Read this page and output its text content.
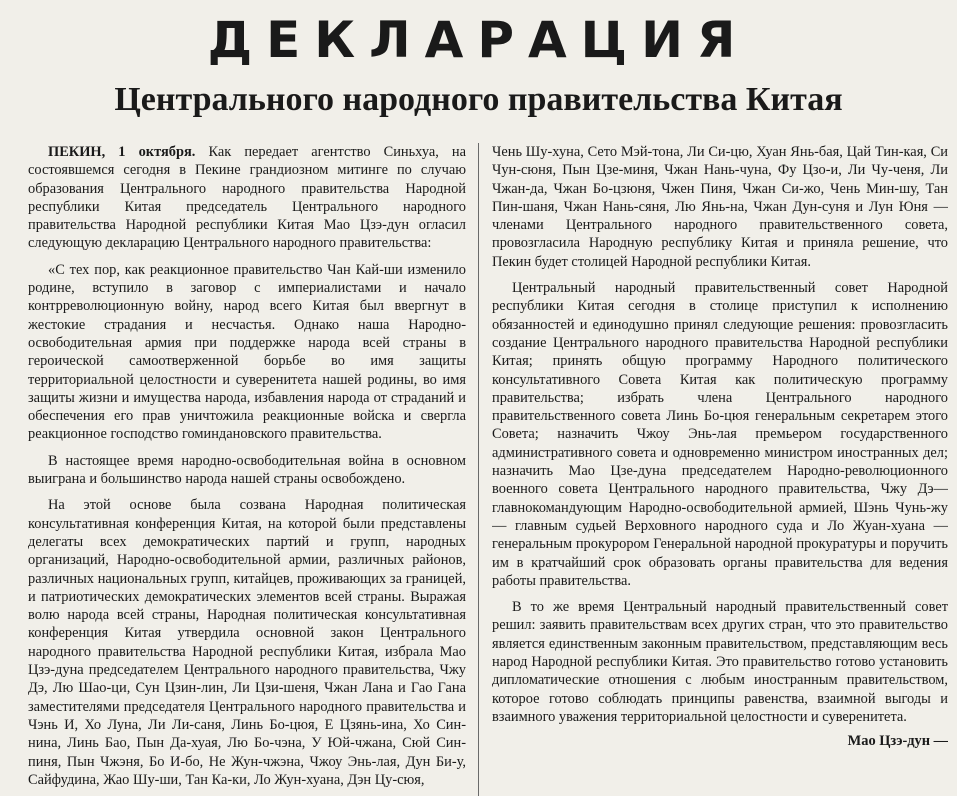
ДЕКЛАРАЦИЯ
Центрального народного правительства Китая

ПЕКИН, 1 октября. Как передает агентство Синьхуа, на состоявшемся сегодня в Пекине грандиозном митинге по случаю образования Центрального народного правительства Народной республики Китая председатель Центрального народного правительства Народной республики Китая Мао Цзэ-дун огласил следующую декларацию Центрального народного правительства:

«С тех пор, как реакционное правительство Чан Кай-ши изменило родине, вступило в заговор с империалистами и начало контрреволюционную войну, народ всего Китая был ввергнут в жестокие страдания и несчастья. Однако наша Народно-освободительная армия при поддержке народа всей страны в героической самоотверженной борьбе во имя защиты территориальной целостности и суверенитета нашей родины, во имя защиты жизни и имущества народа, избавления народа от страданий и обеспечения его прав уничтожила реакционные войска и свергла реакционное господство гоминдановского правительства.

В настоящее время народно-освободительная война в основном выиграна и большинство народа нашей страны освобождено.

На этой основе была созвана Народная политическая консультативная конференция Китая, на которой были представлены делегаты всех демократических партий и групп, народных организаций, Народно-освободительной армии, различных районов, различных национальных групп, китайцев, проживающих за границей, и патриотических демократических элементов всей страны. Выражая волю народа всей страны, Народная политическая консультативная конференция Китая утвердила основной закон Центрального народного правительства Народной республики Китая, избрала Мао Цзэ-дуна председателем Центрального народного правительства, Чжу Дэ, Лю Шао-ци, Сун Цзин-лин, Ли Цзи-шеня, Чжан Лана и Гао Гана заместителями председателя Центрального народного правительства и Чэнь И, Хо Луна, Ли Ли-саня, Линь Бо-цюя, Е Цзянь-ина, Хо Син-нина, Линь Бао, Пын Да-хуая, Лю Бо-чэна, У Юй-чжана, Сюй Син-пиня, Пын Чжэня, Бо И-бо, Не Жун-чжэна, Чжоу Энь-лая, Дун Би-у, Сайфудина, Жао Шу-ши, Тан Ка-ки, Ло Жун-хуана, Дэн Цу-сюя,

Чень Шу-хуна, Сето Мэй-тона, Ли Си-цю, Хуан Янь-бая, Цай Тин-кая, Си Чун-сюня, Пын Цзе-миня, Чжан Нань-чуна, Фу Цзо-и, Ли Чу-ченя, Ли Чжан-да, Чжан Бо-цзюня, Чжен Пиня, Чжан Си-жо, Чень Мин-шу, Тан Пин-шаня, Чжан Нань-сяня, Лю Янь-на, Чжан Дун-суня и Лун Юня — членами Центрального народного правительственного совета, провозгласила Народную республику Китая и приняла решение, что Пекин будет столицей Народной республики Китая.

Центральный народный правительственный совет Народной республики Китая сегодня в столице приступил к исполнению обязанностей и единодушно принял следующие решения: провозгласить создание Центрального народного правительства Народной республики Китая; принять общую программу Народного политического консультативного Совета Китая как политическую программу правительства; избрать члена Центрального народного правительственного совета Линь Бо-цюя генеральным секретарем этого Совета; назначить Чжоу Энь-лая премьером государственного административного совета и одновременно министром иностранных дел; назначить Мао Цзе-дуна председателем Народно-революционного военного совета Центрального народного правительства, Чжу Дэ—главнокомандующим Народно-освободительной армией, Шэнь Чунь-жу — главным судьей Верховного народного суда и Ло Жуан-хуана — генеральным прокурором Генеральной народной прокуратуры и поручить им в кратчайший срок образовать органы правительства для ведения работы правительства.

В то же время Центральный народный правительственный совет решил: заявить правительствам всех других стран, что это правительство является единственным законным правительством, представляющим весь народ Народной республики Китая. Это правительство готово установить дипломатические отношения с любым иностранным правительством, которое готово соблюдать принципы равенства, взаимной выгоды и взаимного уважения территориальной целостности и суверенитета.

Мао Цзэ-дун —
